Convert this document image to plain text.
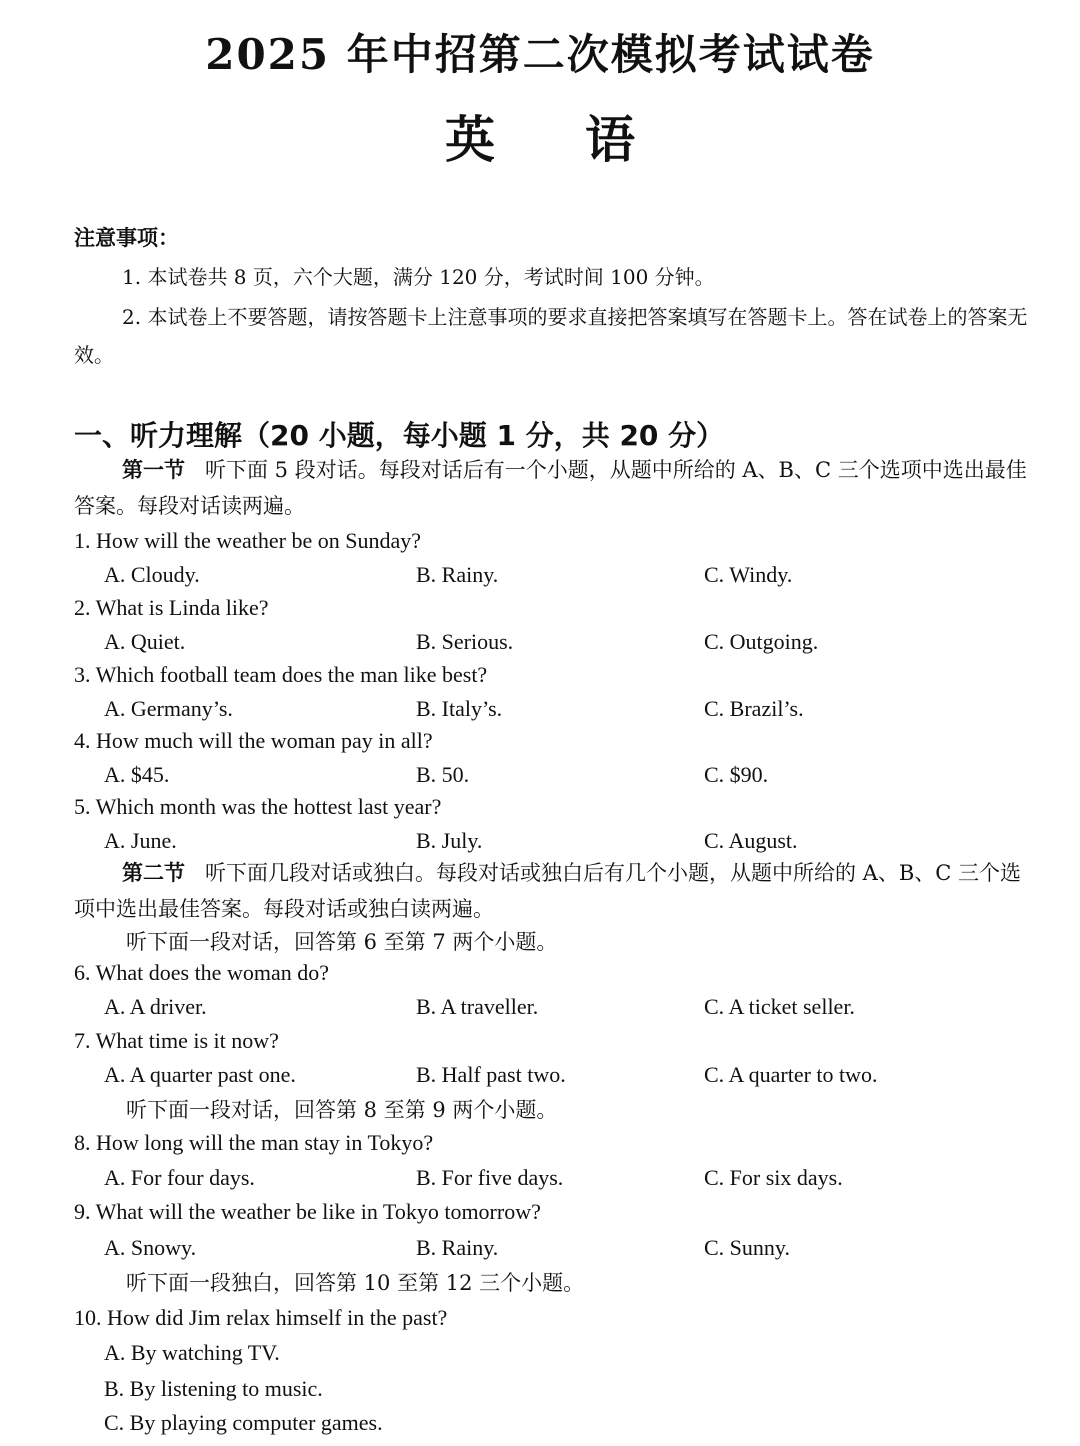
2025 年中招第二次模拟考试试卷
英语
注意事项：
1. 本试卷共 8 页，六个大题，满分 120 分，考试时间 100 分钟。
2. 本试卷上不要答题，请按答题卡上注意事项的要求直接把答案填写在答题卡上。答在试卷上的答案无效。
一、听力理解（20 小题，每小题 1 分，共 20 分）
第一节 听下面 5 段对话。每段对话后有一个小题，从题中所给的 A、B、C 三个选项中选出最佳答案。每段对话读两遍。
1. How will the weather be on Sunday?
A. Cloudy.	B. Rainy.	C. Windy.
2. What is Linda like?
A. Quiet.	B. Serious.	C. Outgoing.
3. Which football team does the man like best?
A. Germany’s.	B. Italy’s.	C. Brazil’s.
4. How much will the woman pay in all?
A. $45.	B. 50.	C. $90.
5. Which month was the hottest last year?
A. June.	B. July.	C. August.
第二节 听下面几段对话或独白。每段对话或独白后有几个小题，从题中所给的 A、B、C 三个选项中选出最佳答案。每段对话或独白读两遍。
听下面一段对话，回答第 6 至第 7 两个小题。
6. What does the woman do?
A. A driver.	B. A traveller.	C. A ticket seller.
7. What time is it now?
A. A quarter past one.	B. Half past two.	C. A quarter to two.
听下面一段对话，回答第 8 至第 9 两个小题。
8. How long will the man stay in Tokyo?
A. For four days.	B. For five days.	C. For six days.
9. What will the weather be like in Tokyo tomorrow?
A. Snowy.	B. Rainy.	C. Sunny.
听下面一段独白，回答第 10 至第 12 三个小题。
10. How did Jim relax himself in the past?
A. By watching TV.
B. By listening to music.
C. By playing computer games.
